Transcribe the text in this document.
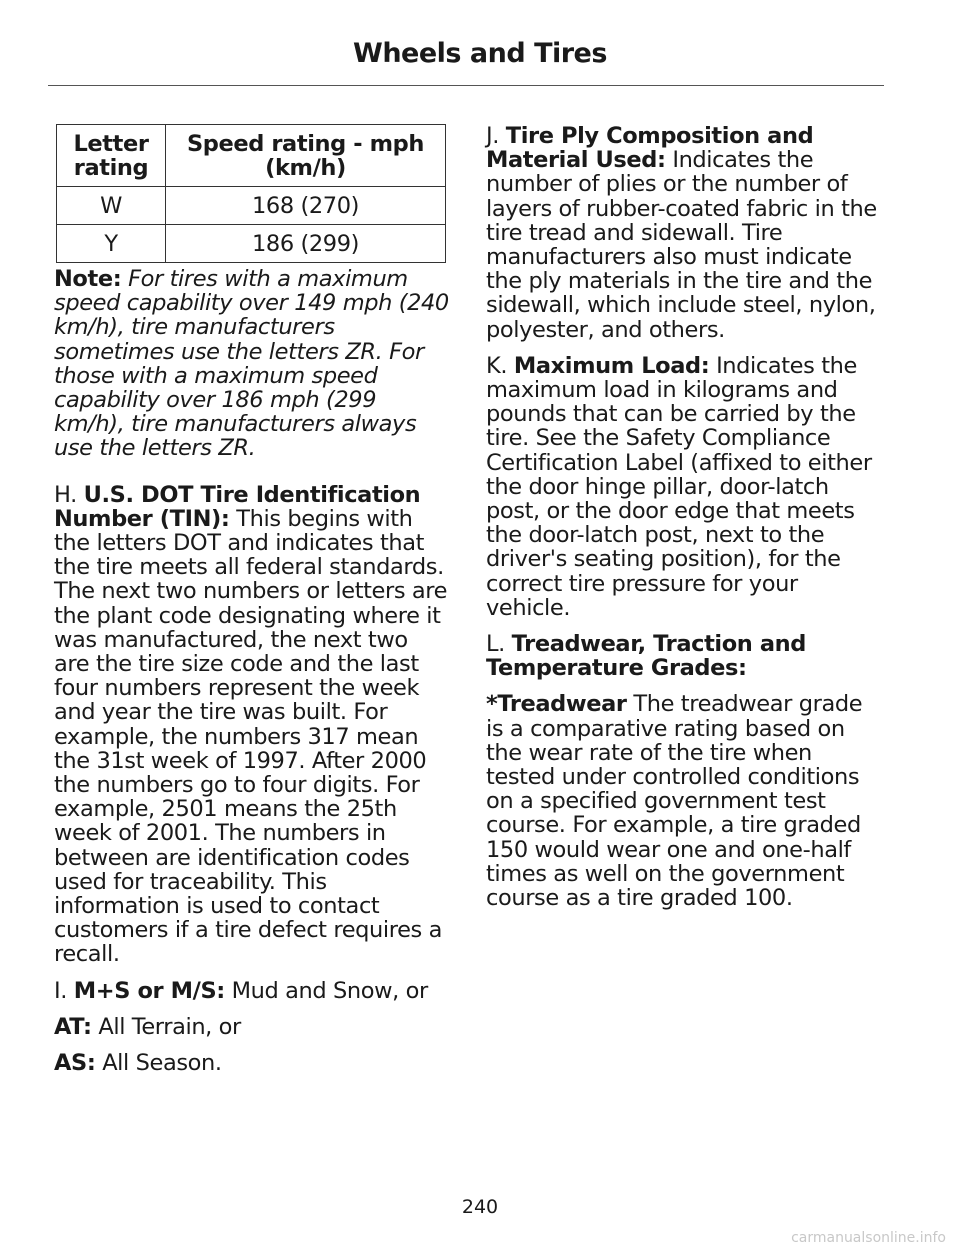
Wheels and Tires
Letter rating	Speed rating - mph (km/h)
W	168 (270)
Y	186 (299)

Note: For tires with a maximum speed capability over 149 mph (240 km/h), tire manufacturers sometimes use the letters ZR. For those with a maximum speed capability over 186 mph (299 km/h), tire manufacturers always use the letters ZR.

H. U.S. DOT Tire Identification Number (TIN): This begins with the letters DOT and indicates that the tire meets all federal standards. The next two numbers or letters are the plant code designating where it was manufactured, the next two are the tire size code and the last four numbers represent the week and year the tire was built. For example, the numbers 317 mean the 31st week of 1997. After 2000 the numbers go to four digits. For example, 2501 means the 25th week of 2001. The numbers in between are identification codes used for traceability. This information is used to contact customers if a tire defect requires a recall.

I. M+S or M/S: Mud and Snow, or

AT: All Terrain, or

AS: All Season.

J. Tire Ply Composition and Material Used: Indicates the number of plies or the number of layers of rubber-coated fabric in the tire tread and sidewall. Tire manufacturers also must indicate the ply materials in the tire and the sidewall, which include steel, nylon, polyester, and others.

K. Maximum Load: Indicates the maximum load in kilograms and pounds that can be carried by the tire. See the Safety Compliance Certification Label (affixed to either the door hinge pillar, door-latch post, or the door edge that meets the door-latch post, next to the driver's seating position), for the correct tire pressure for your vehicle.

L. Treadwear, Traction and Temperature Grades:

*Treadwear The treadwear grade is a comparative rating based on the wear rate of the tire when tested under controlled conditions on a specified government test course. For example, a tire graded 150 would wear one and one-half times as well on the government course as a tire graded 100.

240
carmanualsonline.info
